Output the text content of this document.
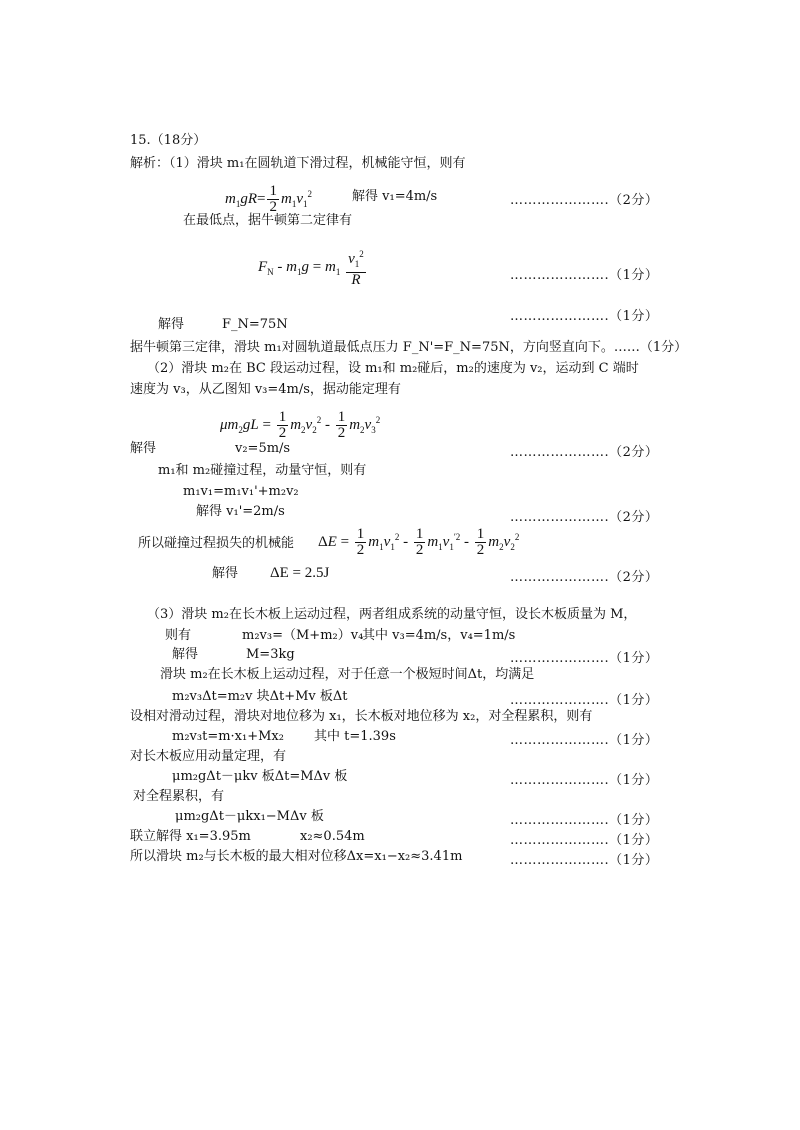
15.（18分）
解析：（1）滑块 m₁在圆轨道下滑过程，机械能守恒，则有
$m_1gR= \frac{1}{2} m_1v_1^2$	解得 v₁=4m/s	………………….（2分）
在最低点，据牛顿第二定律有
$F_N - m_1g = m_1 \frac{v_1^2}{R}$	………………….（1分）
………………….（1分）
解得	F_N=75N
据牛顿第三定律，滑块 m₁对圆轨道最低点压力 F_N'=F_N=75N，方向竖直向下。……（1分）
（2）滑块 m₂在 BC 段运动过程，设 m₁和 m₂碰后，m₂的速度为 v₂，运动到 C 端时
速度为 v₃，从乙图知 v₃=4m/s，据动能定理有
$\mu m_2gL = \frac{1}{2} m_2v_2^2 - \frac{1}{2} m_2v_3^2$
解得	v₂=5m/s	………………….（2分）
m₁和 m₂碰撞过程，动量守恒，则有
m₁v₁=m₁v₁'+m₂v₂
解得 v₁'=2m/s	………………….（2分）
所以碰撞过程损失的机械能 $\Delta E = \frac{1}{2} m_1v_1^2 - \frac{1}{2} m_1v_1^{'2} - \frac{1}{2} m_2v_2^2$
解得 ΔE = 2.5J	………………….（2分）
（3）滑块 m₂在长木板上运动过程，两者组成系统的动量守恒，设长木板质量为 M，
则有	m₂v₃=（M+m₂）v₄
其中 v₃=4m/s，v₄=1m/s
解得	M=3kg	………………….（1分）
滑块 m₂在长木板上运动过程，对于任意一个极短时间Δt，均满足
m₂v₃Δt=m₂v 块Δt+Mv 板Δt	………………….（1分）
设相对滑动过程，滑块对地位移为 x₁，长木板对地位移为 x₂，对全程累积，则有
m₂v₃t=m·x₁+Mx₂ 其中 t=1.39s	………………….（1分）
对长木板应用动量定理，有
μm₂gΔt－μkv 板Δt=MΔv 板	………………….（1分）
对全程累积，有
μm₂gΔt－μkx₁−MΔv 板	………………….（1分）
联立解得 x₁=3.95m	x₂≈0.54m	………………….（1分）
所以滑块 m₂与长木板的最大相对位移Δx=x₁−x₂≈3.41m	………………….（1分）
